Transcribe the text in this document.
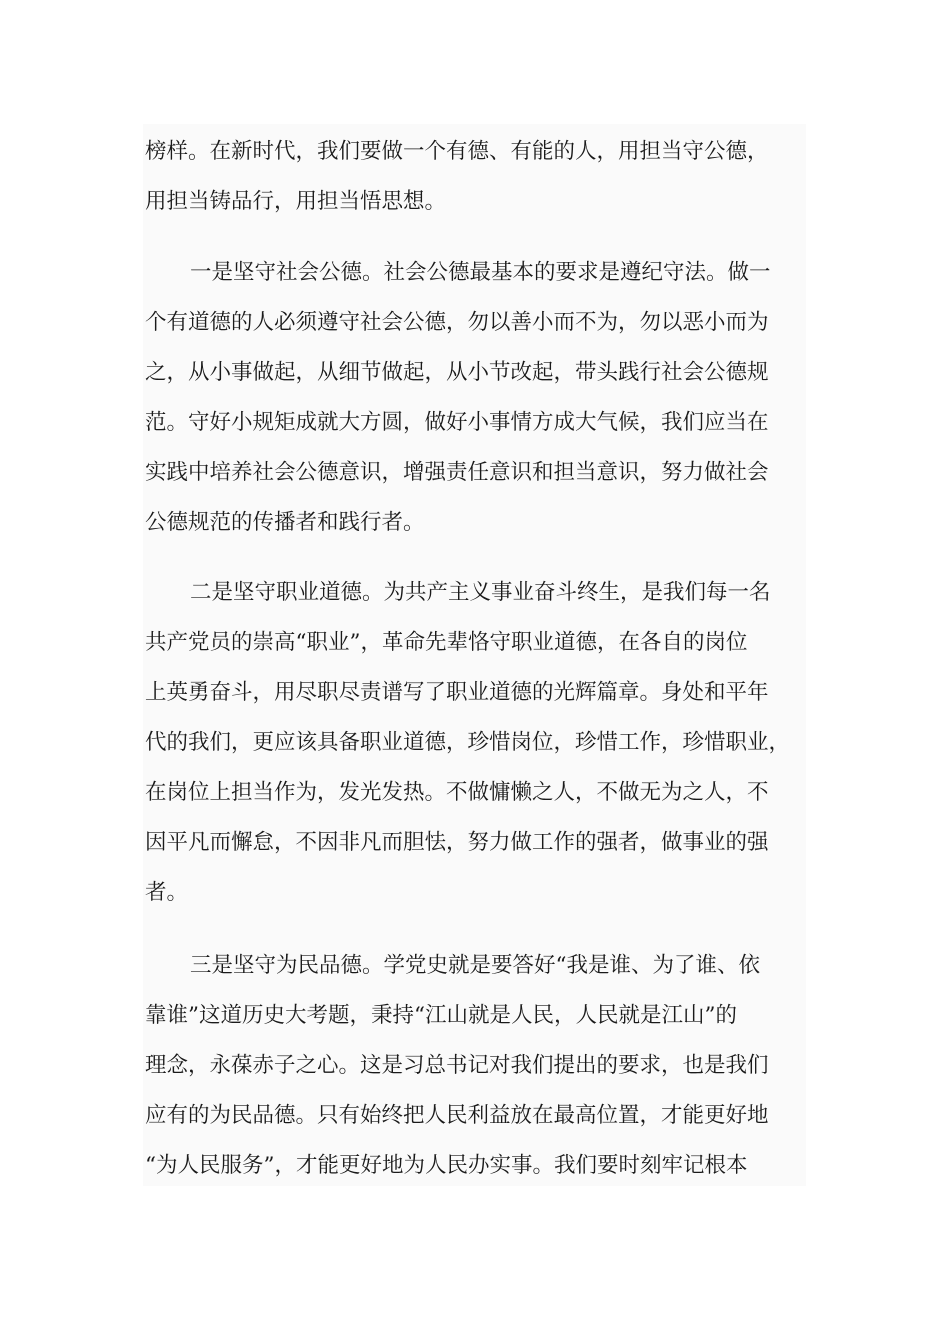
榜样。在新时代，我们要做一个有德、有能的人，用担当守公德，
用担当铸品行，用担当悟思想。
一是坚守社会公德。社会公德最基本的要求是遵纪守法。做一
个有道德的人必须遵守社会公德，勿以善小而不为，勿以恶小而为
之，从小事做起，从细节做起，从小节改起，带头践行社会公德规
范。守好小规矩成就大方圆，做好小事情方成大气候，我们应当在
实践中培养社会公德意识，增强责任意识和担当意识，努力做社会
公德规范的传播者和践行者。
二是坚守职业道德。为共产主义事业奋斗终生，是我们每一名
共产党员的崇高“职业”，革命先辈恪守职业道德，在各自的岗位
上英勇奋斗，用尽职尽责谱写了职业道德的光辉篇章。身处和平年
代的我们，更应该具备职业道德，珍惜岗位，珍惜工作，珍惜职业，
在岗位上担当作为，发光发热。不做慵懒之人，不做无为之人，不
因平凡而懈怠，不因非凡而胆怯，努力做工作的强者，做事业的强
者。
三是坚守为民品德。学党史就是要答好“我是谁、为了谁、依
靠谁”这道历史大考题，秉持“江山就是人民，人民就是江山”的
理念，永葆赤子之心。这是习总书记对我们提出的要求，也是我们
应有的为民品德。只有始终把人民利益放在最高位置，才能更好地
“为人民服务”，才能更好地为人民办实事。我们要时刻牢记根本
